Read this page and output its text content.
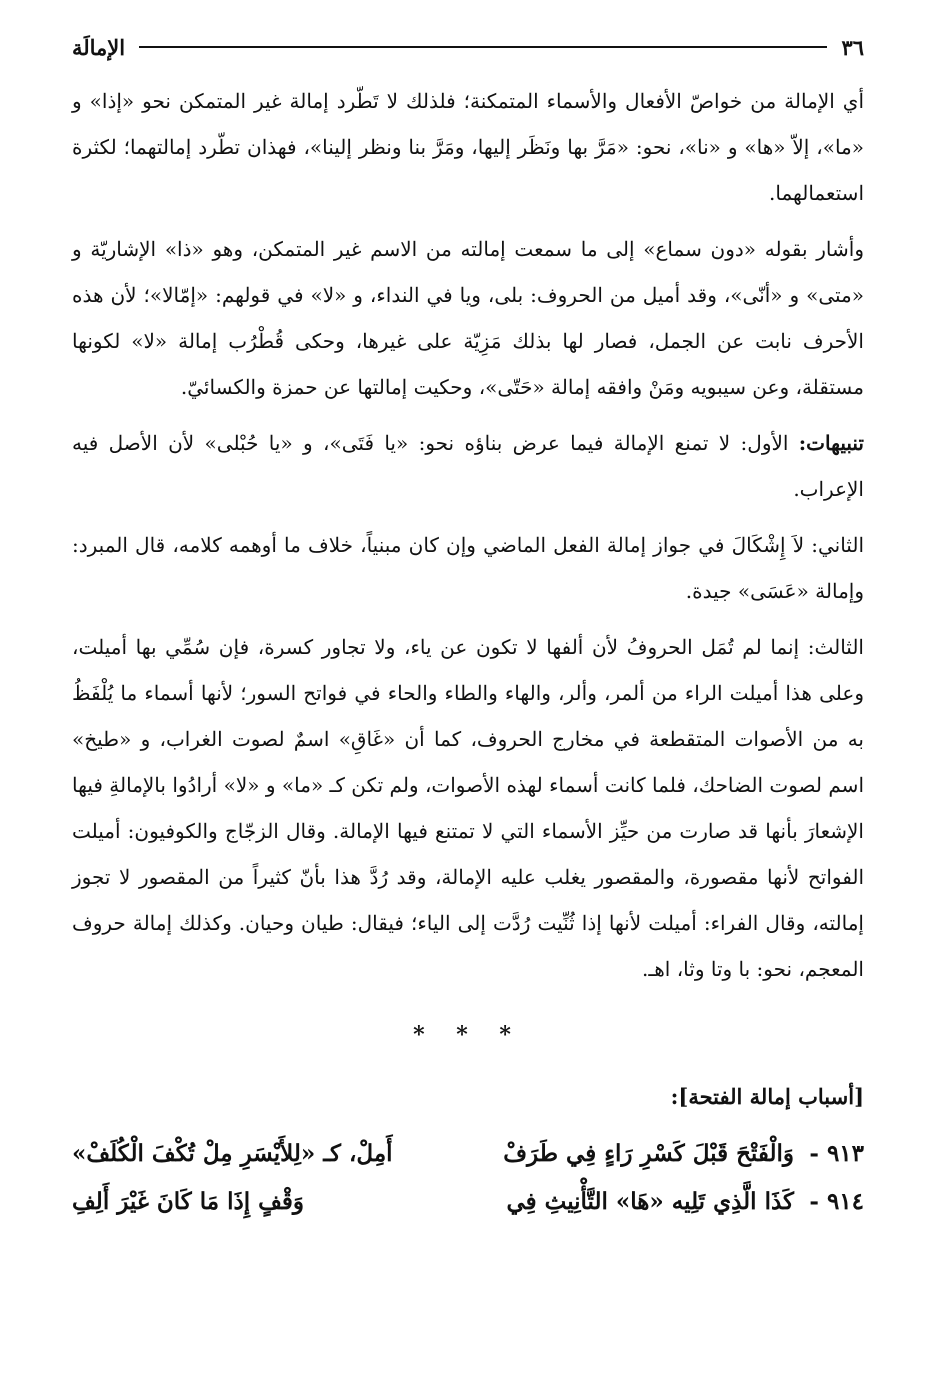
٣٦
الإمالَة

أي الإمالة من خواصّ الأفعال والأسماء المتمكنة؛ فلذلك لا تَطّرد إمالة غير المتمكن نحو «إذا» و «ما»، إلاّ «ها» و «نا»، نحو: «مَرَّ بها ونَظَر إليها، ومَرَّ بنا ونظر إلينا»، فهذان تطّرد إمالتهما؛ لكثرة استعمالهما.

وأشار بقوله «دون سماع» إلى ما سمعت إمالته من الاسم غير المتمكن، وهو «ذا» الإشاريّة و «متى» و «أنّى»، وقد أميل من الحروف: بلى، ويا في النداء، و «لا» في قولهم: «إمّالا»؛ لأن هذه الأحرف نابت عن الجمل، فصار لها بذلك مَزِيّة على غيرها، وحكى قُطْرُب إمالة «لا» لكونها مستقلة، وعن سيبويه ومَنْ وافقه إمالة «حَتّى»، وحكيت إمالتها عن حمزة والكسائيّ.

تنبيهات: الأول: لا تمنع الإمالة فيما عرض بناؤه نحو: «يا فَتَى»، و «يا حُبْلى» لأن الأصل فيه الإعراب.

الثاني: لاَ إِشْكَالَ في جواز إمالة الفعل الماضي وإن كان مبنياً، خلاف ما أوهمه كلامه، قال المبرد: وإمالة «عَسَى» جيدة.

الثالث: إنما لم تُمَل الحروفُ لأن ألفها لا تكون عن ياء، ولا تجاور كسرة، فإن سُمِّي بها أميلت، وعلى هذا أميلت الراء من ألمر، وألر، والهاء والطاء والحاء في فواتح السور؛ لأنها أسماء ما يُلْفَظُ به من الأصوات المتقطعة في مخارج الحروف، كما أن «غَاقِ» اسمٌ لصوت الغراب، و «طيخ» اسم لصوت الضاحك، فلما كانت أسماء لهذه الأصوات، ولم تكن كـ «ما» و «لا» أرادُوا بالإمالةِ فيها الإشعارَ بأنها قد صارت من حيِّز الأسماء التي لا تمتنع فيها الإمالة. وقال الزجّاج والكوفيون: أميلت الفواتح لأنها مقصورة، والمقصور يغلب عليه الإمالة، وقد رُدَّ هذا بأنّ كثيراً من المقصور لا تجوز إمالته، وقال الفراء: أميلت لأنها إذا ثُنِّيت رُدَّت إلى الياء؛ فيقال: طيان وحيان. وكذلك إمالة حروف المعجم، نحو: با وتا وثا، اهـ.

* * *
[أسباب إمالة الفتحة]:
٩١٣ -
وَالْفَتْحَ قَبْلَ كَسْرِ رَاءٍ فِي طَرَفْ
أَمِلْ، كـ «لِلأَيْسَرِ مِلْ تُكْفَ الْكُلَفْ»
٩١٤ -
كَذَا الَّذِي تَلِيه «هَا» التَّأْنِيثِ فِي
وَقْفٍ إِذَا مَا كَانَ غَيْرَ أَلِفِ
